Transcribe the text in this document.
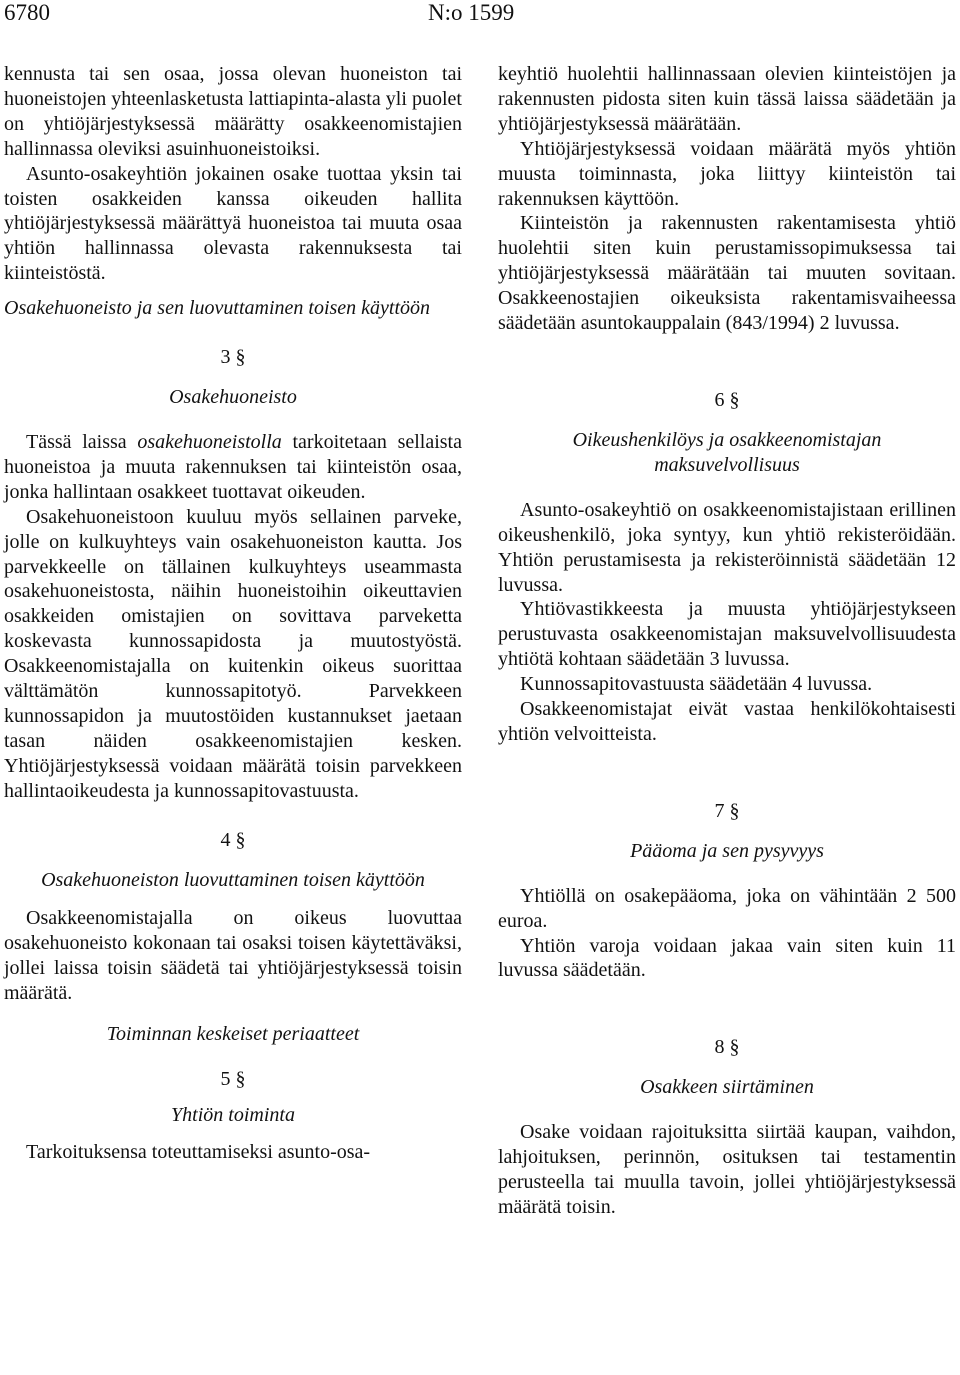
6780	N:o 1599

kennusta tai sen osaa, jossa olevan huoneiston tai huoneistojen yhteenlasketusta lattiapinta-alasta yli puolet on yhtiöjärjestyksessä määrätty osakkeenomistajien hallinnassa oleviksi asuinhuoneistoiksi.

Asunto-osakeyhtiön jokainen osake tuottaa yksin tai toisten osakkeiden kanssa oikeuden hallita yhtiöjärjestyksessä määrättyä huoneistoa tai muuta osaa yhtiön hallinnassa olevasta rakennuksesta tai kiinteistöstä.

Osakehuoneisto ja sen luovuttaminen toisen käyttöön

3 §

Osakehuoneisto

Tässä laissa osakehuoneistolla tarkoitetaan sellaista huoneistoa ja muuta rakennuksen tai kiinteistön osaa, jonka hallintaan osakkeet tuottavat oikeuden.

Osakehuoneistoon kuuluu myös sellainen parveke, jolle on kulkuyhteys vain osakehuoneiston kautta. Jos parvekkeelle on tällainen kulkuyhteys useammasta osakehuoneistosta, näihin huoneistoihin oikeuttavien osakkeiden omistajien on sovittava parveketta koskevasta kunnossapidosta ja muutostyöstä. Osakkeenomistajalla on kuitenkin oikeus suorittaa välttämätön kunnossapitotyö. Parvekkeen kunnossapidon ja muutostöiden kustannukset jaetaan tasan näiden osakkeenomistajien kesken. Yhtiöjärjestyksessä voidaan määrätä toisin parvekkeen hallintaoikeudesta ja kunnossapitovastuusta.

4 §

Osakehuoneiston luovuttaminen toisen käyttöön

Osakkeenomistajalla on oikeus luovuttaa osakehuoneisto kokonaan tai osaksi toisen käytettäväksi, jollei laissa toisin säädetä tai yhtiöjärjestyksessä toisin määrätä.

Toiminnan keskeiset periaatteet

5 §

Yhtiön toiminta

Tarkoituksensa toteuttamiseksi asunto-osa-

keyhtiö huolehtii hallinnassaan olevien kiinteistöjen ja rakennusten pidosta siten kuin tässä laissa säädetään ja yhtiöjärjestyksessä määrätään.

Yhtiöjärjestyksessä voidaan määrätä myös yhtiön muusta toiminnasta, joka liittyy kiinteistön tai rakennuksen käyttöön.

Kiinteistön ja rakennusten rakentamisesta yhtiö huolehtii siten kuin perustamissopimuksessa tai yhtiöjärjestyksessä määrätään tai muuten sovitaan. Osakkeenostajien oikeuksista rakentamisvaiheessa säädetään asuntokauppalain (843/1994) 2 luvussa.

6 §

Oikeushenkilöys ja osakkeenomistajan maksuvelvollisuus

Asunto-osakeyhtiö on osakkeenomistajistaan erillinen oikeushenkilö, joka syntyy, kun yhtiö rekisteröidään. Yhtiön perustamisesta ja rekisteröinnistä säädetään 12 luvussa.

Yhtiövastikkeesta ja muusta yhtiöjärjestykseen perustuvasta osakkeenomistajan maksuvelvollisuudesta yhtiötä kohtaan säädetään 3 luvussa.

Kunnossapitovastuusta säädetään 4 luvussa.

Osakkeenomistajat eivät vastaa henkilökohtaisesti yhtiön velvoitteista.

7 §

Pääoma ja sen pysyvyys

Yhtiöllä on osakepääoma, joka on vähintään 2 500 euroa.

Yhtiön varoja voidaan jakaa vain siten kuin 11 luvussa säädetään.

8 §

Osakkeen siirtäminen

Osake voidaan rajoituksitta siirtää kaupan, vaihdon, lahjoituksen, perinnön, osituksen tai testamentin perusteella tai muulla tavoin, jollei yhtiöjärjestyksessä määrätä toisin.
